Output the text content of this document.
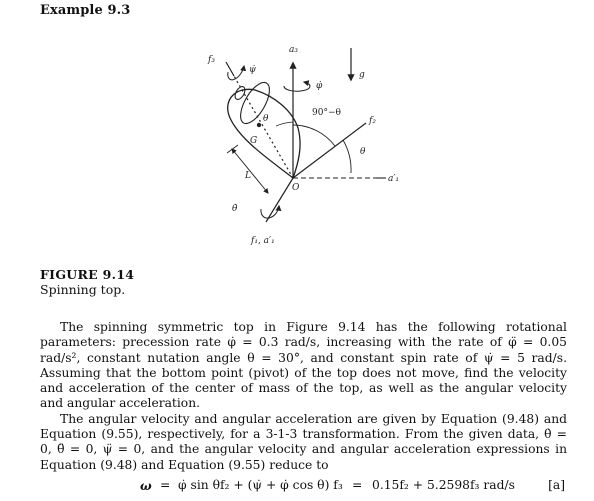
Example 9.3
a₃
f₃
ψ̇
φ̇
g
θ
90°−θ
f₂
G
θ
a′₁
L
O
θ̇
f₁, a′₁
FIGURE 9.14
Spinning top.

The spinning symmetric top in Figure 9.14 has the following rotational parameters: precession rate φ̇ = 0.3 rad/s, increasing with the rate of φ̈ = 0.05 rad/s², constant nutation angle θ = 30°, and constant spin rate of ψ̇ = 5 rad/s. Assuming that the bottom point (pivot) of the top does not move, find the velocity and acceleration of the center of mass of the top, as well as the angular velocity and angular acceleration.

The angular velocity and angular acceleration are given by Equation (9.48) and Equation (9.55), respectively, for a 3-1-3 transformation. From the given data, θ̇ = 0, θ̈ = 0, ψ̈ = 0, and the angular velocity and angular acceleration expressions in Equation (9.48) and Equation (9.55) reduce to

ω = φ̇ sin θf₂ + (ψ̇ + φ̇ cos θ) f₃ = 0.15f₂ + 5.2598f₃ rad/s	[a]
